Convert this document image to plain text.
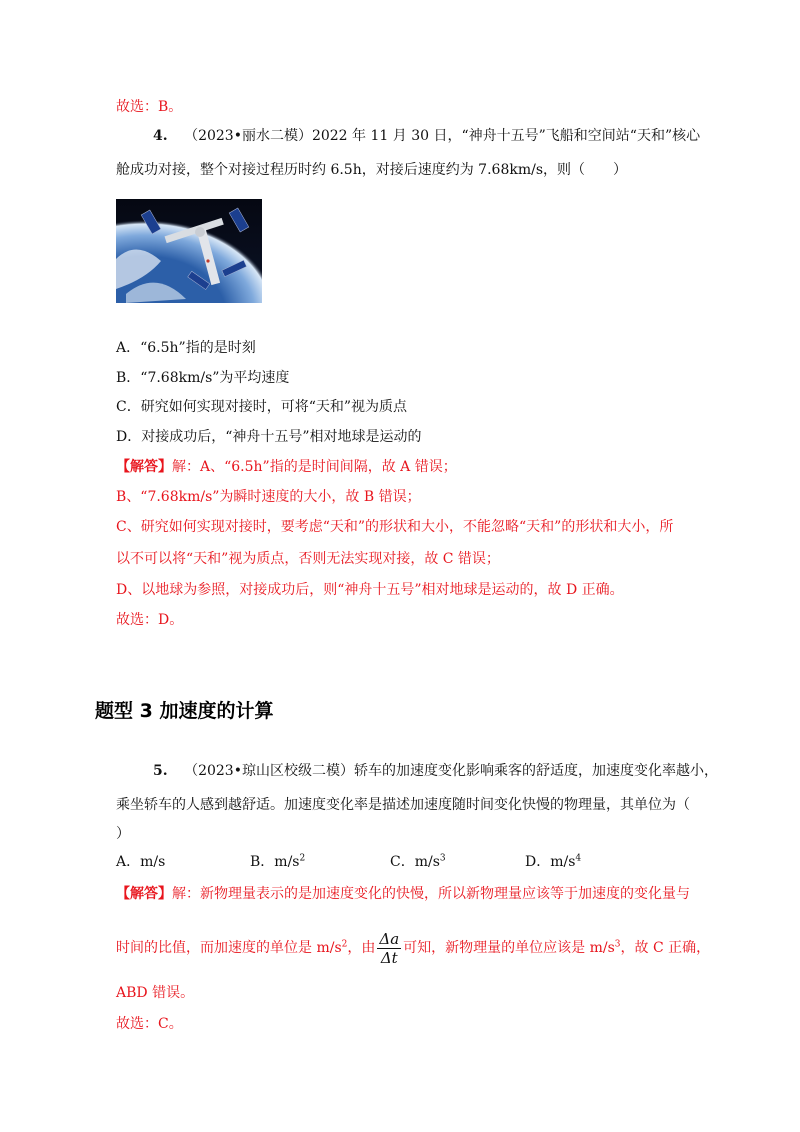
故选：B。
4. （2023•丽水二模）2022 年 11 月 30 日，“神舟十五号”飞船和空间站“天和”核心
舱成功对接，整个对接过程历时约 6.5h，对接后速度约为 7.68km/s，则（　　）
A．“6.5h”指的是时刻
B．“7.68km/s”为平均速度
C．研究如何实现对接时，可将“天和”视为质点
D．对接成功后，“神舟十五号”相对地球是运动的
【解答】解：A、“6.5h”指的是时间间隔，故 A 错误；
B、“7.68km/s”为瞬时速度的大小，故 B 错误；
C、研究如何实现对接时，要考虑“天和”的形状和大小，不能忽略“天和”的形状和大小，所
以不可以将“天和”视为质点，否则无法实现对接，故 C 错误；
D、以地球为参照，对接成功后，则“神舟十五号”相对地球是运动的，故 D 正确。
故选：D。
题型 3 加速度的计算
5. （2023•琼山区校级二模）轿车的加速度变化影响乘客的舒适度，加速度变化率越小，
乘坐轿车的人感到越舒适。加速度变化率是描述加速度随时间变化快慢的物理量，其单位为（
）
A．m/s	B．$m/s^2$	C．$m/s^3$	D．$m/s^4$
【解答】解：新物理量表示的是加速度变化的快慢，所以新物理量应该等于加速度的变化量与
时间的比值，而加速度的单位是 $m/s^2$，由 $\frac{\Delta a}{\Delta t}$ 可知，新物理量的单位应该是 $m/s^3$，故 C 正确，
ABD 错误。
故选：C。
